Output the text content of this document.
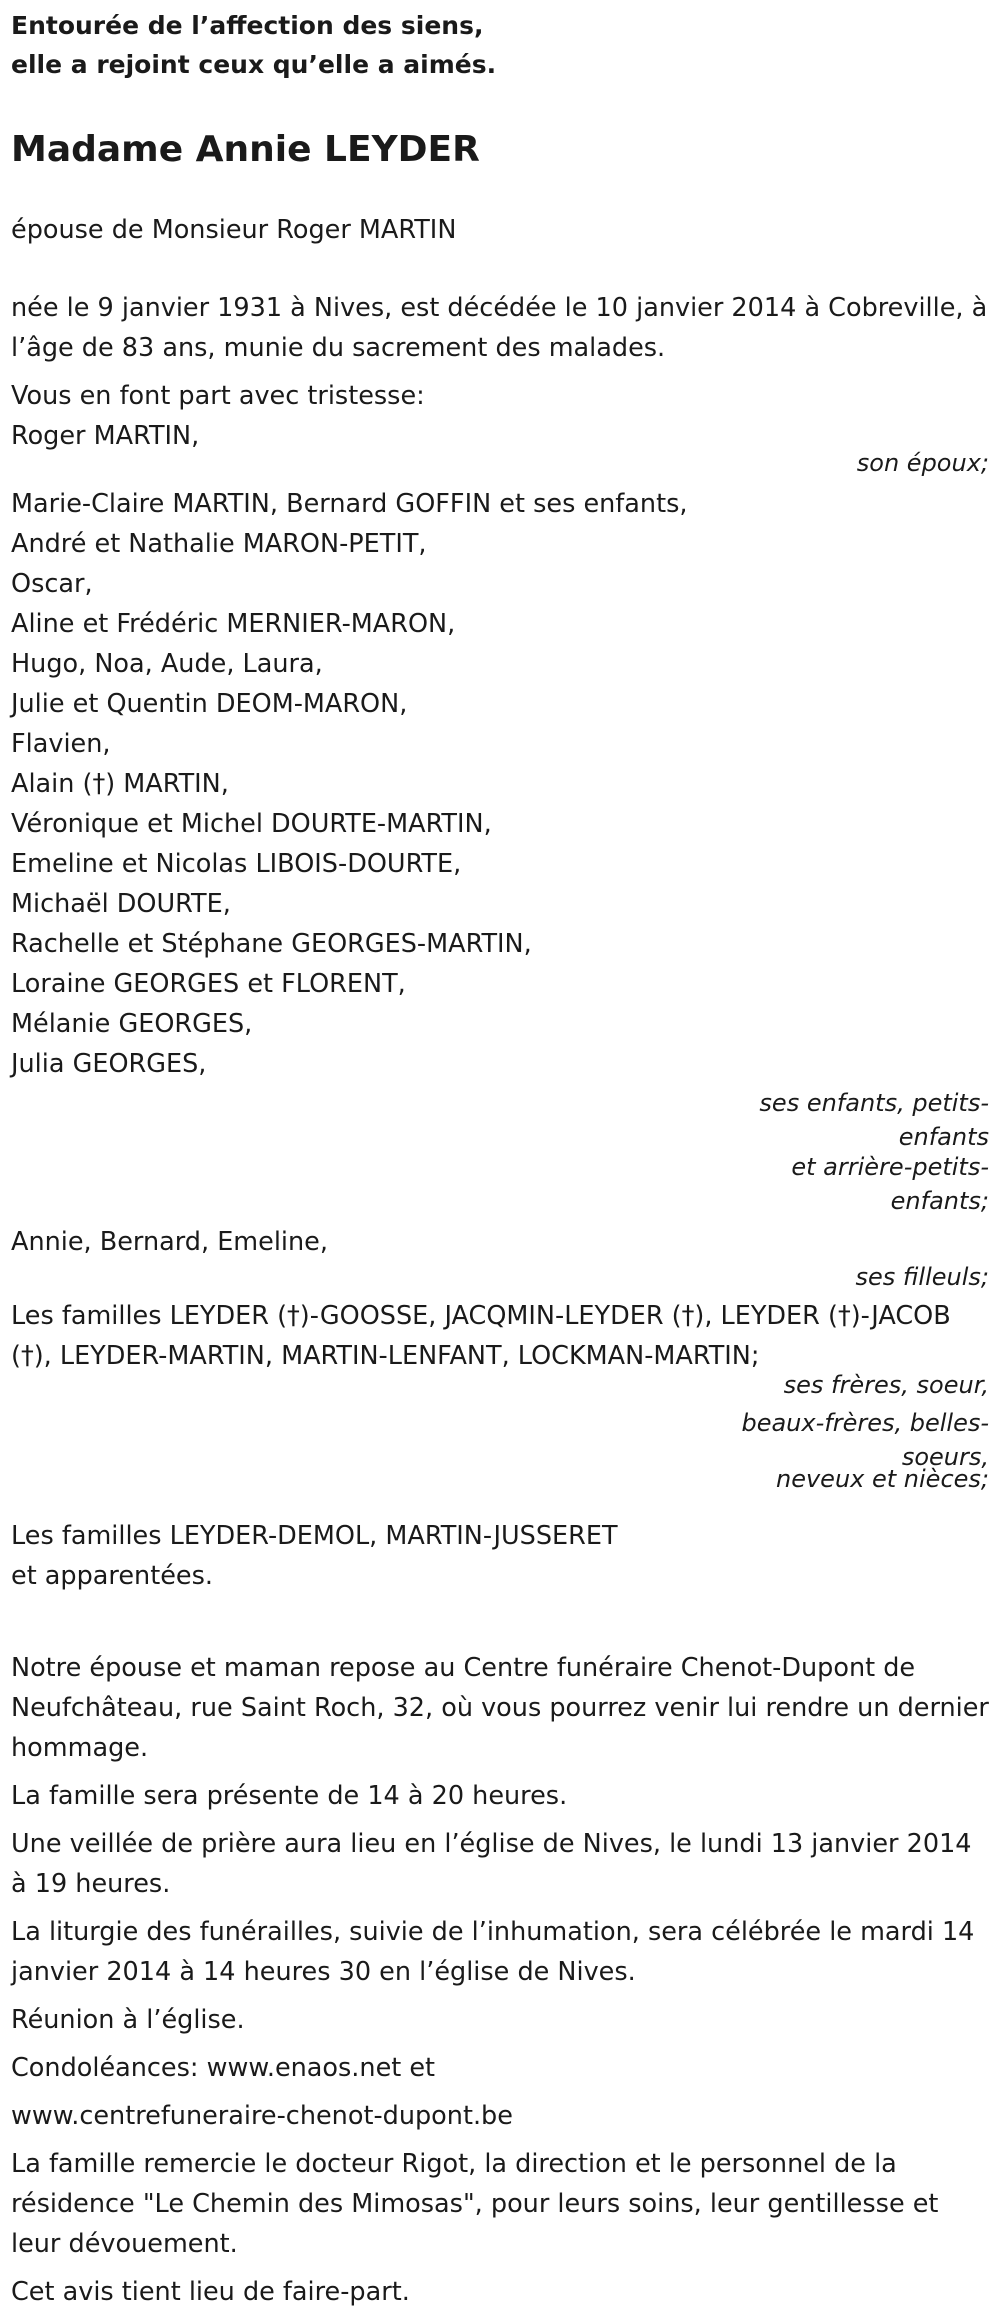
Entourée de l’affection des siens,

elle a rejoint ceux qu’elle a aimés.

Madame Annie LEYDER

épouse de Monsieur Roger MARTIN

née le 9 janvier 1931 à Nives, est décédée le 10 janvier 2014 à Cobreville, à l’âge de 83 ans, munie du sacrement des malades.

Vous en font part avec tristesse:

Roger MARTIN,

son époux;

Marie-Claire MARTIN, Bernard GOFFIN et ses enfants,

André et Nathalie MARON-PETIT,

Oscar,

Aline et Frédéric MERNIER-MARON,

Hugo, Noa, Aude, Laura,

Julie et Quentin DEOM-MARON,

Flavien,

Alain (†) MARTIN,

Véronique et Michel DOURTE-MARTIN,

Emeline et Nicolas LIBOIS-DOURTE,

Michaël DOURTE,

Rachelle et Stéphane GEORGES-MARTIN,

Loraine GEORGES et FLORENT,

Mélanie GEORGES,

Julia GEORGES,

ses enfants, petits-

enfants

et arrière-petits-

enfants;

Annie, Bernard, Emeline,

ses filleuls;

Les familles LEYDER (†)-GOOSSE, JACQMIN-LEYDER (†), LEYDER (†)-JACOB

(†), LEYDER-MARTIN, MARTIN-LENFANT, LOCKMAN-MARTIN;

ses frères, soeur,

beaux-frères, belles-

soeurs,

neveux et nièces;

Les familles LEYDER-DEMOL, MARTIN-JUSSERET

et apparentées.

Notre épouse et maman repose au Centre funéraire Chenot-Dupont de Neufchâteau, rue Saint Roch, 32, où vous pourrez venir lui rendre un dernier hommage.

La famille sera présente de 14 à 20 heures.

Une veillée de prière aura lieu en l’église de Nives, le lundi 13 janvier 2014 à 19 heures.

La liturgie des funérailles, suivie de l’inhumation, sera célébrée le mardi 14 janvier 2014 à 14 heures 30 en l’église de Nives.

Réunion à l’église.

Condoléances: www.enaos.net et

www.centrefuneraire-chenot-dupont.be

La famille remercie le docteur Rigot, la direction et le personnel de la résidence "Le Chemin des Mimosas", pour leurs soins, leur gentillesse et leur dévouement.

Cet avis tient lieu de faire-part.
